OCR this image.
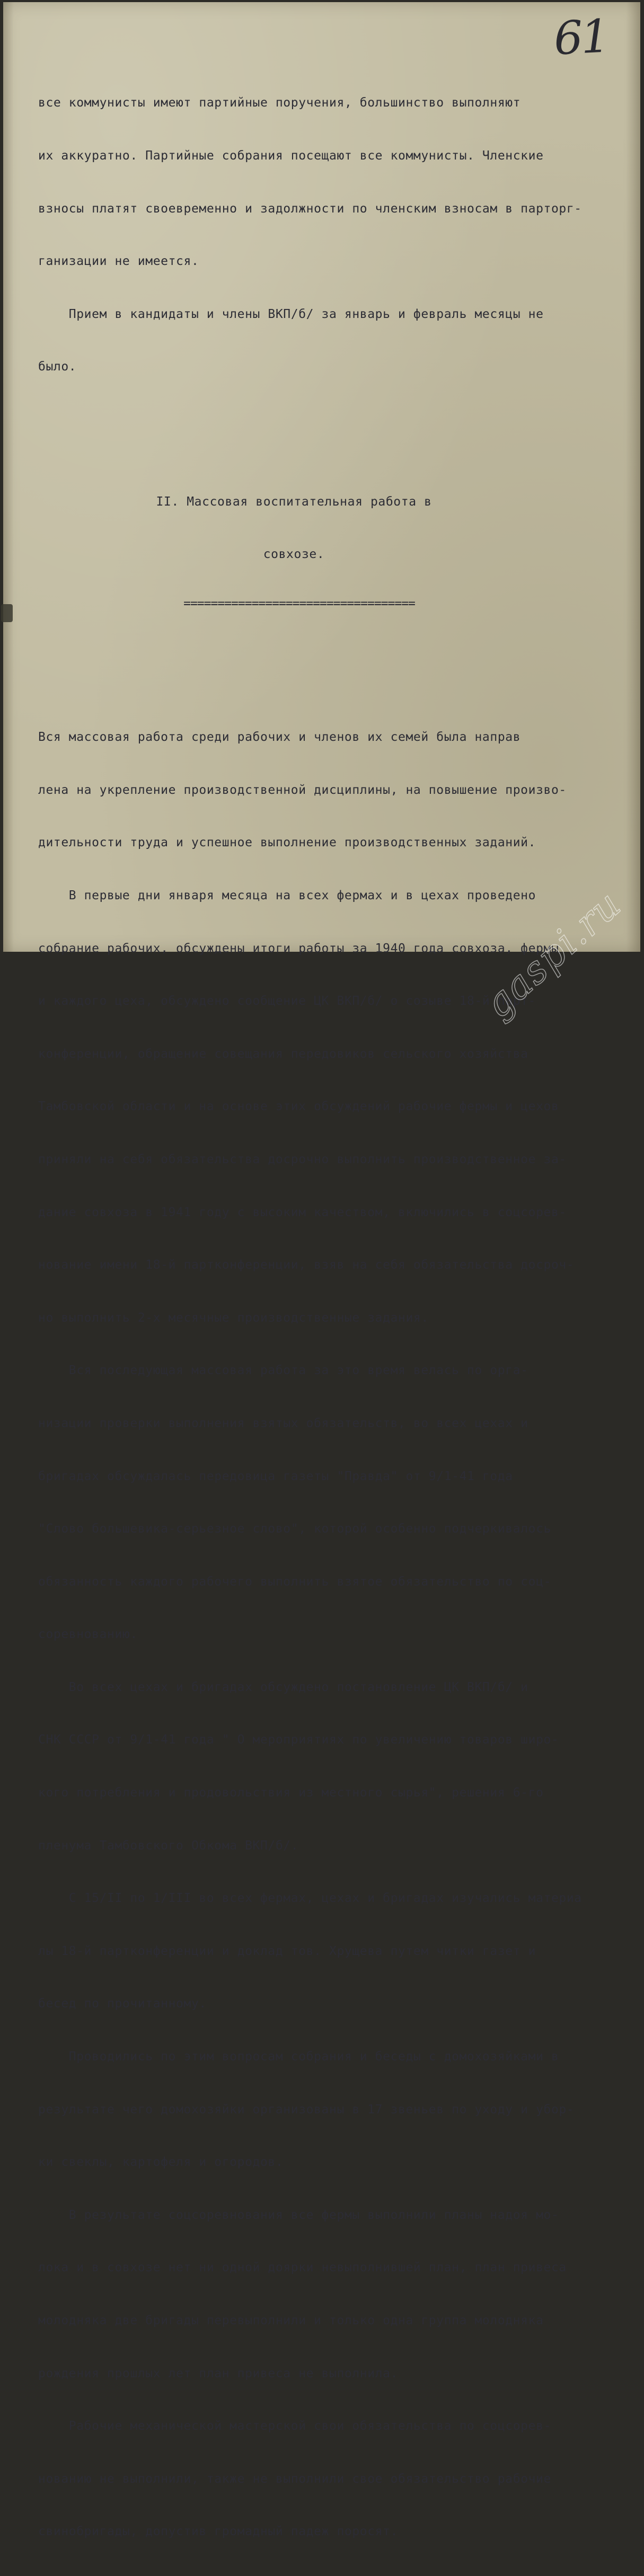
61

все коммунисты имеют партийные поручения, большинство выполняют

их аккуратно. Партийные собрания посещают все коммунисты. Членские

взносы платят своевременно и задолжности по членским взносам в парторг-

ганизации не имеется.

Прием в кандидаты и члены ВКП/б/ за январь и февраль месяцы не

было.

II. Массовая воспитательная работа в

совхозе.

==================================

Вся массовая работа среди рабочих и членов их семей была направ

лена на укрепление производственной дисциплины, на повышение произво-

дительности труда и успешное выполнение производственных заданий.

В первые дни января месяца на всех фермах и в цехах проведено

собрание рабочих, обсуждены итоги работы за 1940 года совхоза, фермы

и каждого цеха, обсуждено сообщение ЦК ВКП/б/ о созыве 18-й парт-

конференции, обращение совещания передовиков сельского хозяйства

Тамбовской области и на основе этих обсуждений рабочие фермы и цехов

приняли на себя обязательства досрочно выполнить производственное за-

дание совхоза в 1941 году с высоким качеством, включились в соцсорев-

нование имени 18-й партконференции, взяв на себя обязательства досроч-

но выполнить 2-х месячные производственные задания.

Вся последующая массовая работа за это время велась по орга-

низации проверки выполнения взятых обязательств, во всех цехах и

бригадах обсуждалась передовица газеты "Правда" от 9/1-41 года

"Слово большевика-серьезное слово", которой особенно подчеркивалось

обязанность каждого рабочего выполнить взятое обязательство по соц-

соревнованию.

Во всех цехах и бригадах обсуждено постановление ЦК ВКП/б/ и

СНК СССР от 9/1-41 года " О мероприятиях по увеличению товаров широ-

кого потребления и продовольствия из местного сырья", решения 6-го

пленума Тамбовского Обкома ВКП/б/.

С 15/II по 1/III во всех фермах, цехах и бригадах изучались материа

лы 18-й партконференции и доклад тов. Хрущева путем читки газет и

бесед по прочитанному.

Проводились по этим вопросам собрания и беседы с домохозяйками в

результате чего домохозяйки организованы в 17 звеньев по уходу и убор-

ки свеклы, картофеля и огородов.

В результате соцсоревнования все фермы выполнили планы надоя мо-

лока и в совхозе нет ни одной доярки невыполнившей план, план привеса

молодняка две бригады перевыполнили и только одна группа молодняка

рождения прошлых лет план привеса не выполнила.

Рабочие механической мастерской свои обязательства по соцсорев-

нованию не выполнили, также не выполнили свое обязательство рабочие

свинобригады, допустив громадный падеж поросят.

gaspi.ru
